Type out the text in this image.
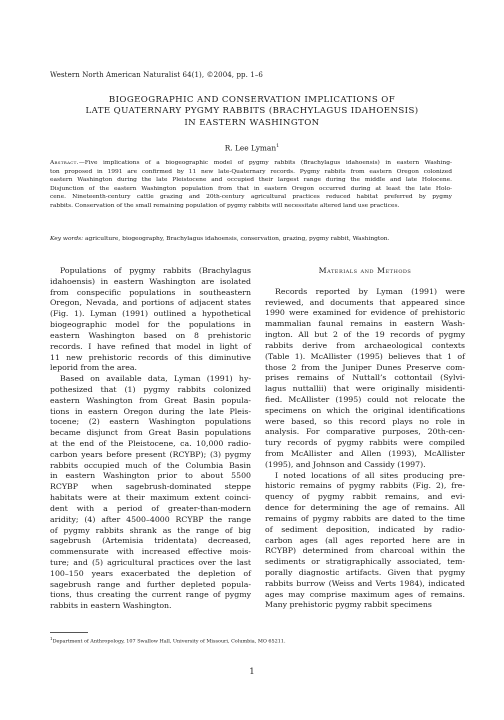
Western North American Naturalist 64(1), ©2004, pp. 1–6
BIOGEOGRAPHIC AND CONSERVATION IMPLICATIONS OF
LATE QUATERNARY PYGMY RABBITS (BRACHYLAGUS IDAHOENSIS)
IN EASTERN WASHINGTON
R. Lee Lyman$^1$
Abstract.—Five implications of a biogeographic model of pygmy rabbits (Brachylagus idahoensis) in eastern Washing-
ton proposed in 1991 are confirmed by 11 new late-Quaternary records. Pygmy rabbits from eastern Oregon colonized
eastern Washington during the late Pleistocene and occupied their largest range during the middle and late Holocene.
Disjunction of the eastern Washington population from that in eastern Oregon occurred during at least the late Holo-
cene. Nineteenth-century cattle grazing and 20th-century agricultural practices reduced habitat preferred by pygmy
rabbits. Conservation of the small remaining population of pygmy rabbits will necessitate altered land use practices.
Key words: agriculture, biogeography, Brachylagus idahoensis, conservation, grazing, pygmy rabbit, Washington.
Populations of pygmy rabbits (Brachylagus
idahoensis) in eastern Washington are isolated
from conspecific populations in southeastern
Oregon, Nevada, and portions of adjacent states
(Fig. 1). Lyman (1991) outlined a hypothetical
biogeographic model for the populations in
eastern Washington based on 8 prehistoric
records. I have refined that model in light of
11 new prehistoric records of this diminutive
leporid from the area.
Based on available data, Lyman (1991) hy-
pothesized that (1) pygmy rabbits colonized
eastern Washington from Great Basin popula-
tions in eastern Oregon during the late Pleis-
tocene; (2) eastern Washington populations
became disjunct from Great Basin populations
at the end of the Pleistocene, ca. 10,000 radio-
carbon years before present (RCYBP); (3) pygmy
rabbits occupied much of the Columbia Basin
in eastern Washington prior to about 5500
RCYBP when sagebrush-dominated steppe
habitats were at their maximum extent coinci-
dent with a period of greater-than-modern
aridity; (4) after 4500–4000 RCYBP the range
of pygmy rabbits shrank as the range of big
sagebrush (Artemisia tridentata) decreased,
commensurate with increased effective mois-
ture; and (5) agricultural practices over the last
100–150 years exacerbated the depletion of
sagebrush range and further depleted popula-
tions, thus creating the current range of pygmy
rabbits in eastern Washington.
Materials and Methods
Records reported by Lyman (1991) were
reviewed, and documents that appeared since
1990 were examined for evidence of prehistoric
mammalian faunal remains in eastern Wash-
ington. All but 2 of the 19 records of pygmy
rabbits derive from archaeological contexts
(Table 1). McAllister (1995) believes that 1 of
those 2 from the Juniper Dunes Preserve com-
prises remains of Nuttall’s cottontail (Sylvi-
lagus nuttallii) that were originally misidenti-
fied. McAllister (1995) could not relocate the
specimens on which the original identifications
were based, so this record plays no role in
analysis. For comparative purposes, 20th-cen-
tury records of pygmy rabbits were compiled
from McAllister and Allen (1993), McAllister
(1995), and Johnson and Cassidy (1997).
I noted locations of all sites producing pre-
historic remains of pygmy rabbits (Fig. 2), fre-
quency of pygmy rabbit remains, and evi-
dence for determining the age of remains. All
remains of pygmy rabbits are dated to the time
of sediment deposition, indicated by radio-
carbon ages (all ages reported here are in
RCYBP) determined from charcoal within the
sediments or stratigraphically associated, tem-
porally diagnostic artifacts. Given that pygmy
rabbits burrow (Weiss and Verts 1984), indicated
ages may comprise maximum ages of remains.
Many prehistoric pygmy rabbit specimens
$^1$Department of Anthropology, 107 Swallow Hall, University of Missouri, Columbia, MO 65211.
1
